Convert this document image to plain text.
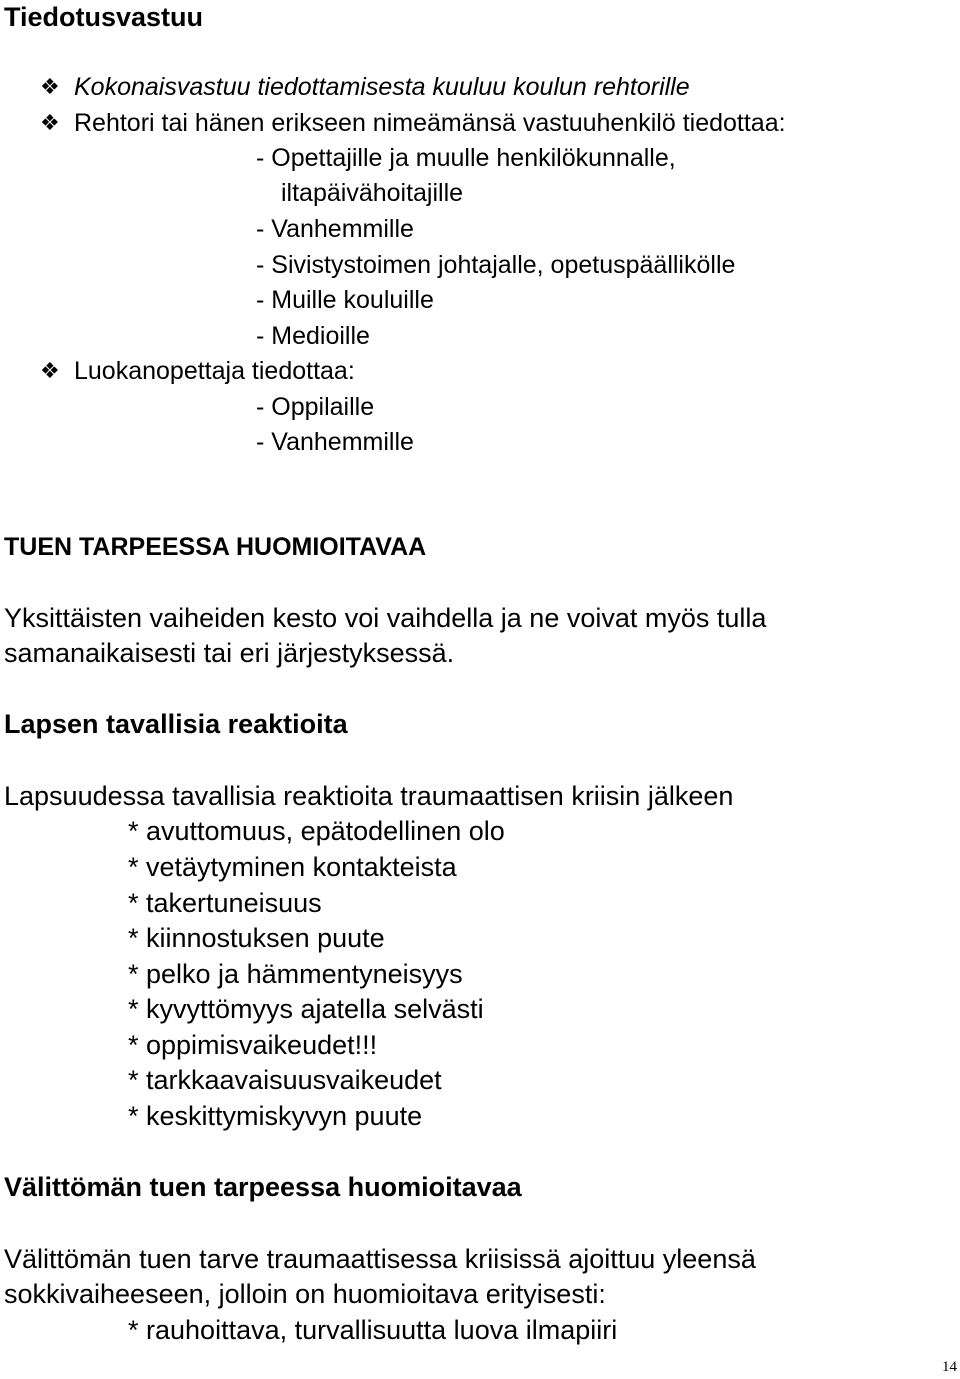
Tiedotusvastuu
❖ Kokonaisvastuu tiedottamisesta kuuluu koulun rehtorille
❖ Rehtori tai hänen erikseen nimeämänsä vastuuhenkilö tiedottaa:
- Opettajille ja muulle henkilökunnalle,
iltapäivähoitajille
- Vanhemmille
- Sivistystoimen johtajalle, opetuspäällikölle
- Muille kouluille
- Medioille
❖ Luokanopettaja tiedottaa:
- Oppilaille
- Vanhemmille
TUEN TARPEESSA HUOMIOITAVAA
Yksittäisten vaiheiden kesto voi vaihdella ja ne voivat myös tulla
samanaikaisesti tai eri järjestyksessä.
Lapsen tavallisia reaktioita
Lapsuudessa tavallisia reaktioita traumaattisen kriisin jälkeen
* avuttomuus, epätodellinen olo
* vetäytyminen kontakteista
* takertuneisuus
* kiinnostuksen puute
* pelko ja hämmentyneisyys
* kyvyttömyys ajatella selvästi
* oppimisvaikeudet!!!
* tarkkaavaisuusvaikeudet
* keskittymiskyvyn puute
Välittömän tuen tarpeessa huomioitavaa
Välittömän tuen tarve traumaattisessa kriisissä ajoittuu yleensä
sokkivaiheeseen, jolloin on huomioitava erityisesti:
* rauhoittava, turvallisuutta luova ilmapiiri
14
